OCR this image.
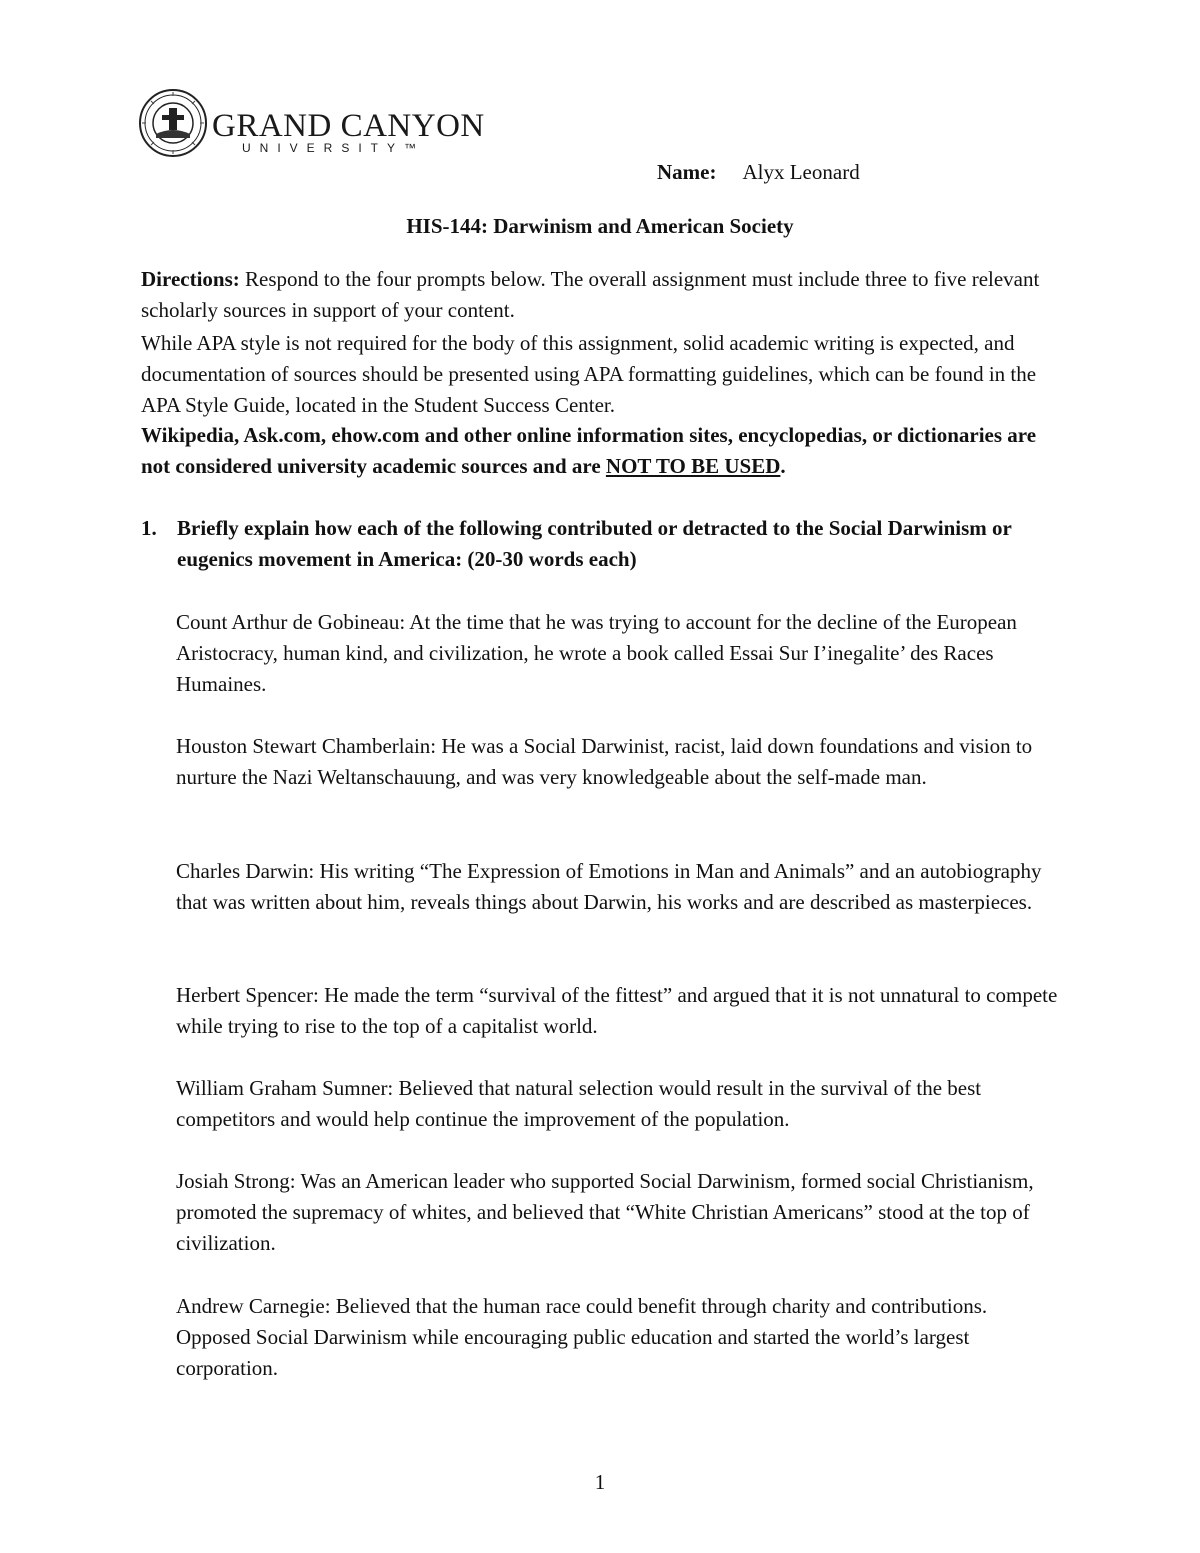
GRAND CANYON
UNIVERSITY™
Name: Alyx Leonard
HIS-144: Darwinism and American Society

Directions: Respond to the four prompts below. The overall assignment must include three to five relevant scholarly sources in support of your content.

While APA style is not required for the body of this assignment, solid academic writing is expected, and documentation of sources should be presented using APA formatting guidelines, which can be found in the APA Style Guide, located in the Student Success Center.

Wikipedia, Ask.com, ehow.com and other online information sites, encyclopedias, or dictionaries are not considered university academic sources and are NOT TO BE USED.

1. Briefly explain how each of the following contributed or detracted to the Social Darwinism or eugenics movement in America: (20-30 words each)

Count Arthur de Gobineau: At the time that he was trying to account for the decline of the European Aristocracy, human kind, and civilization, he wrote a book called Essai Sur I’inegalite’ des Races Humaines.

Houston Stewart Chamberlain: He was a Social Darwinist, racist, laid down foundations and vision to nurture the Nazi Weltanschauung, and was very knowledgeable about the self-made man.

Charles Darwin: His writing “The Expression of Emotions in Man and Animals” and an autobiography that was written about him, reveals things about Darwin, his works and are described as masterpieces.

Herbert Spencer: He made the term “survival of the fittest” and argued that it is not unnatural to compete while trying to rise to the top of a capitalist world.

William Graham Sumner: Believed that natural selection would result in the survival of the best competitors and would help continue the improvement of the population.

Josiah Strong: Was an American leader who supported Social Darwinism, formed social Christianism, promoted the supremacy of whites, and believed that “White Christian Americans” stood at the top of civilization.

Andrew Carnegie: Believed that the human race could benefit through charity and contributions. Opposed Social Darwinism while encouraging public education and started the world’s largest corporation.

1
